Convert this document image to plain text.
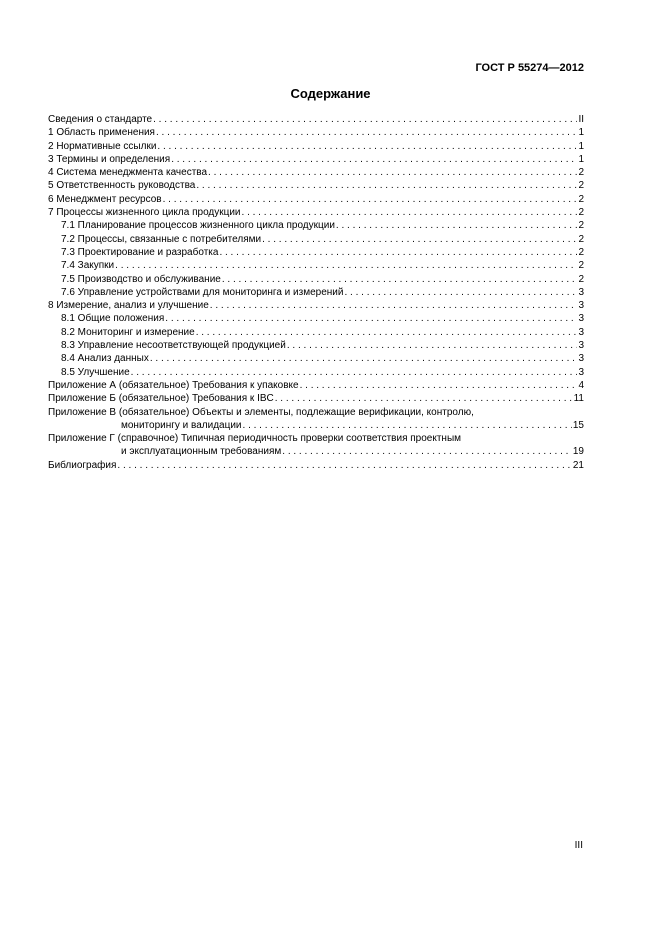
ГОСТ Р 55274—2012
Содержание
Сведения о стандарте . . .	II
1 Область применения . . .	1
2 Нормативные ссылки . . .	1
3 Термины и определения . . .	1
4 Система менеджмента качества . . .	2
5 Ответственность руководства . . .	2
6 Менеджмент ресурсов . . .	2
7 Процессы жизненного цикла продукции . . .	2
7.1 Планирование процессов жизненного цикла продукции . . .	2
7.2 Процессы, связанные с потребителями . . .	2
7.3 Проектирование и разработка . . .	2
7.4 Закупки . . .	2
7.5 Производство и обслуживание . . .	2
7.6 Управление устройствами для мониторинга и измерений . . .	3
8 Измерение, анализ и улучшение . . .	3
8.1 Общие положения . . .	3
8.2 Мониторинг и измерение . . .	3
8.3 Управление несоответствующей продукцией . . .	3
8.4 Анализ данных . . .	3
8.5 Улучшение . . .	3
Приложение А (обязательное) Требования к упаковке . . .	4
Приложение Б (обязательное) Требования к IBC . . .	11
Приложение В (обязательное) Объекты и элементы, подлежащие верификации, контролю,
мониторингу и валидации . . .	15
Приложение Г (справочное) Типичная периодичность проверки соответствия проектным
и эксплуатационным требованиям . . .	19
Библиография . . .	21
III
